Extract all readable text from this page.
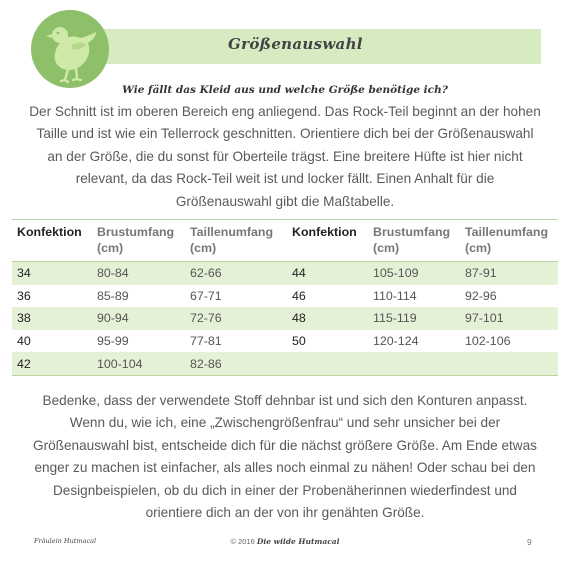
Größenauswahl
Wie fällt das Kleid aus und welche Größe benötige ich?
Der Schnitt ist im oberen Bereich eng anliegend. Das Rock-Teil beginnt an der hohen Taille und ist wie ein Tellerrock geschnitten. Orientiere dich bei der Größenauswahl an der Größe, die du sonst für Oberteile trägst. Eine breitere Hüfte ist hier nicht relevant, da das Rock-Teil weit ist und locker fällt. Einen Anhalt für die Größenauswahl gibt die Maßtabelle.
Konfektion	Brustumfang (cm)	Taillenumfang (cm)	Konfektion	Brustumfang (cm)	Taillenumfang (cm)
34	80-84	62-66	44	105-109	87-91
36	85-89	67-71	46	110-114	92-96
38	90-94	72-76	48	115-119	97-101
40	95-99	77-81	50	120-124	102-106
42	100-104	82-86			
Bedenke, dass der verwendete Stoff dehnbar ist und sich den Konturen anpasst. Wenn du, wie ich, eine „Zwischengrößenfrau“ und sehr unsicher bei der Größenauswahl bist, entscheide dich für die nächst größere Größe. Am Ende etwas enger zu machen ist einfacher, als alles noch einmal zu nähen! Oder schau bei den Designbeispielen, ob du dich in einer der Probenäherinnen wiederfindest und orientiere dich an der von ihr genähten Größe.
Fräulein Hutmacal	© 2016 Die wilde Hutmacal	9
